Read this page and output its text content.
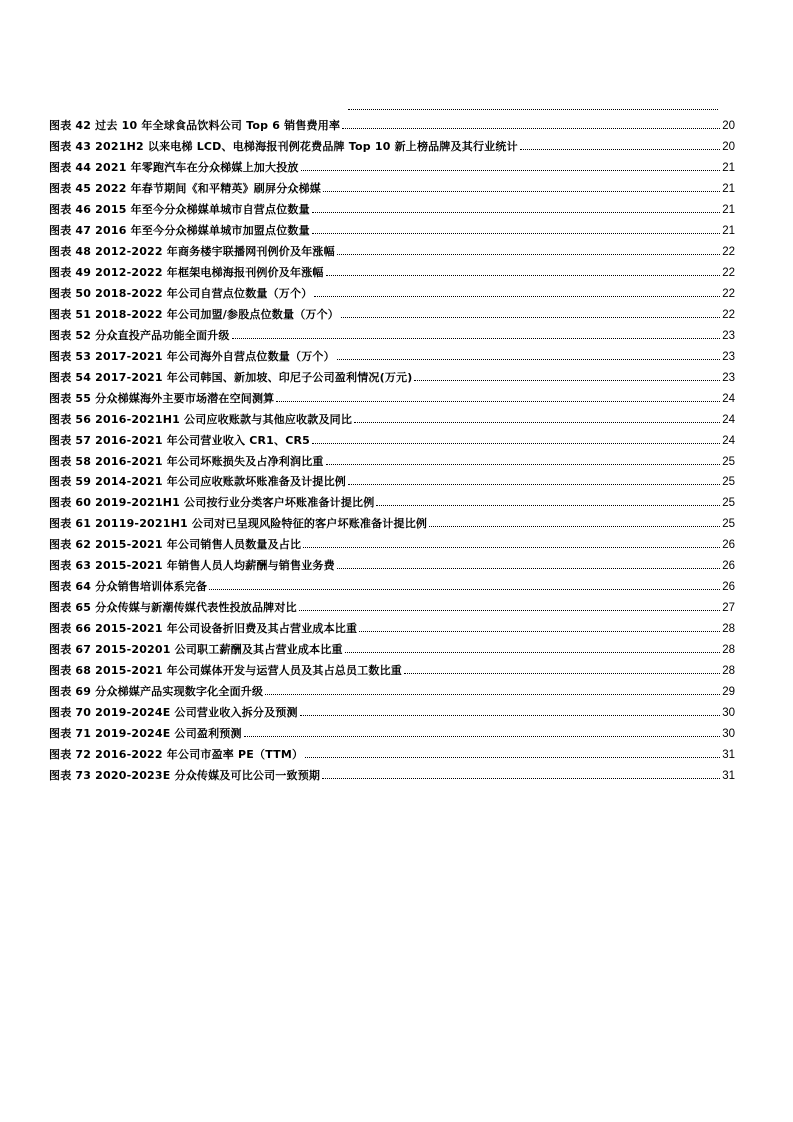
图表 42 过去 10 年全球食品饮料公司 Top 6 销售费用率	20
图表 43 2021H2 以来电梯 LCD、电梯海报刊例花费品牌 Top 10 新上榜品牌及其行业统计	20
图表 44 2021 年零跑汽车在分众梯媒上加大投放	21
图表 45 2022 年春节期间《和平精英》刷屏分众梯媒	21
图表 46 2015 年至今分众梯媒单城市自营点位数量	21
图表 47 2016 年至今分众梯媒单城市加盟点位数量	21
图表 48 2012-2022 年商务楼宇联播网刊例价及年涨幅	22
图表 49 2012-2022 年框架电梯海报刊例价及年涨幅	22
图表 50 2018-2022 年公司自营点位数量（万个）	22
图表 51 2018-2022 年公司加盟/参股点位数量（万个）	22
图表 52 分众直投产品功能全面升级	23
图表 53 2017-2021 年公司海外自营点位数量（万个）	23
图表 54 2017-2021 年公司韩国、新加坡、印尼子公司盈利情况(万元)	23
图表 55 分众梯媒海外主要市场潜在空间测算	24
图表 56 2016-2021H1 公司应收账款与其他应收款及同比	24
图表 57 2016-2021 年公司营业收入 CR1、CR5	24
图表 58 2016-2021 年公司坏账损失及占净利润比重	25
图表 59 2014-2021 年公司应收账款坏账准备及计提比例	25
图表 60 2019-2021H1 公司按行业分类客户坏账准备计提比例	25
图表 61 20119-2021H1 公司对已呈现风险特征的客户坏账准备计提比例	25
图表 62 2015-2021 年公司销售人员数量及占比	26
图表 63 2015-2021 年销售人员人均薪酬与销售业务费	26
图表 64 分众销售培训体系完备	26
图表 65 分众传媒与新潮传媒代表性投放品牌对比	27
图表 66 2015-2021 年公司设备折旧费及其占营业成本比重	28
图表 67 2015-20201 公司职工薪酬及其占营业成本比重	28
图表 68 2015-2021 年公司媒体开发与运营人员及其占总员工数比重	28
图表 69 分众梯媒产品实现数字化全面升级	29
图表 70 2019-2024E 公司营业收入拆分及预测	30
图表 71 2019-2024E 公司盈利预测	30
图表 72 2016-2022 年公司市盈率 PE（TTM）	31
图表 73 2020-2023E 分众传媒及可比公司一致预期	31
